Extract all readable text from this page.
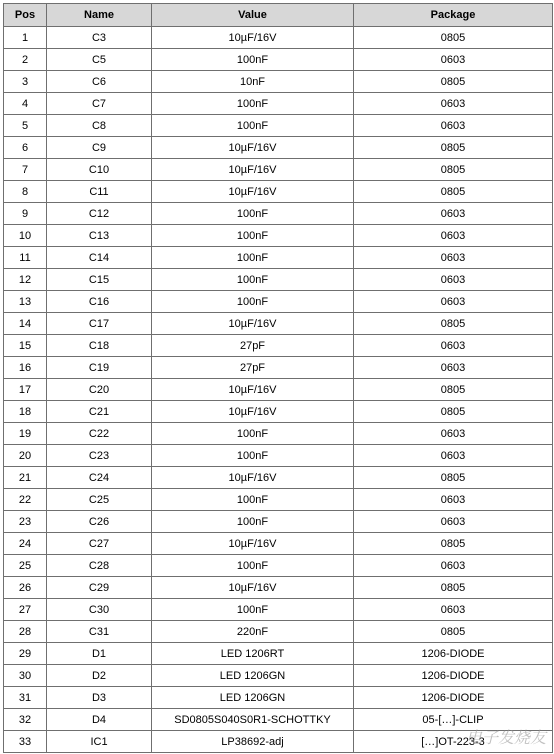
Pos	Name	Value	Package
1	C3	10µF/16V	0805
2	C5	100nF	0603
3	C6	10nF	0805
4	C7	100nF	0603
5	C8	100nF	0603
6	C9	10µF/16V	0805
7	C10	10µF/16V	0805
8	C11	10µF/16V	0805
9	C12	100nF	0603
10	C13	100nF	0603
11	C14	100nF	0603
12	C15	100nF	0603
13	C16	100nF	0603
14	C17	10µF/16V	0805
15	C18	27pF	0603
16	C19	27pF	0603
17	C20	10µF/16V	0805
18	C21	10µF/16V	0805
19	C22	100nF	0603
20	C23	100nF	0603
21	C24	10µF/16V	0805
22	C25	100nF	0603
23	C26	100nF	0603
24	C27	10µF/16V	0805
25	C28	100nF	0603
26	C29	10µF/16V	0805
27	C30	100nF	0603
28	C31	220nF	0805
29	D1	LED 1206RT	1206-DIODE
30	D2	LED 1206GN	1206-DIODE
31	D3	LED 1206GN	1206-DIODE
32	D4	SD0805S040S0R1-SCHOTTKY	05-[…]-CLIP
33	IC1	LP38692-adj	[…]OT-223-3
电子发烧友
